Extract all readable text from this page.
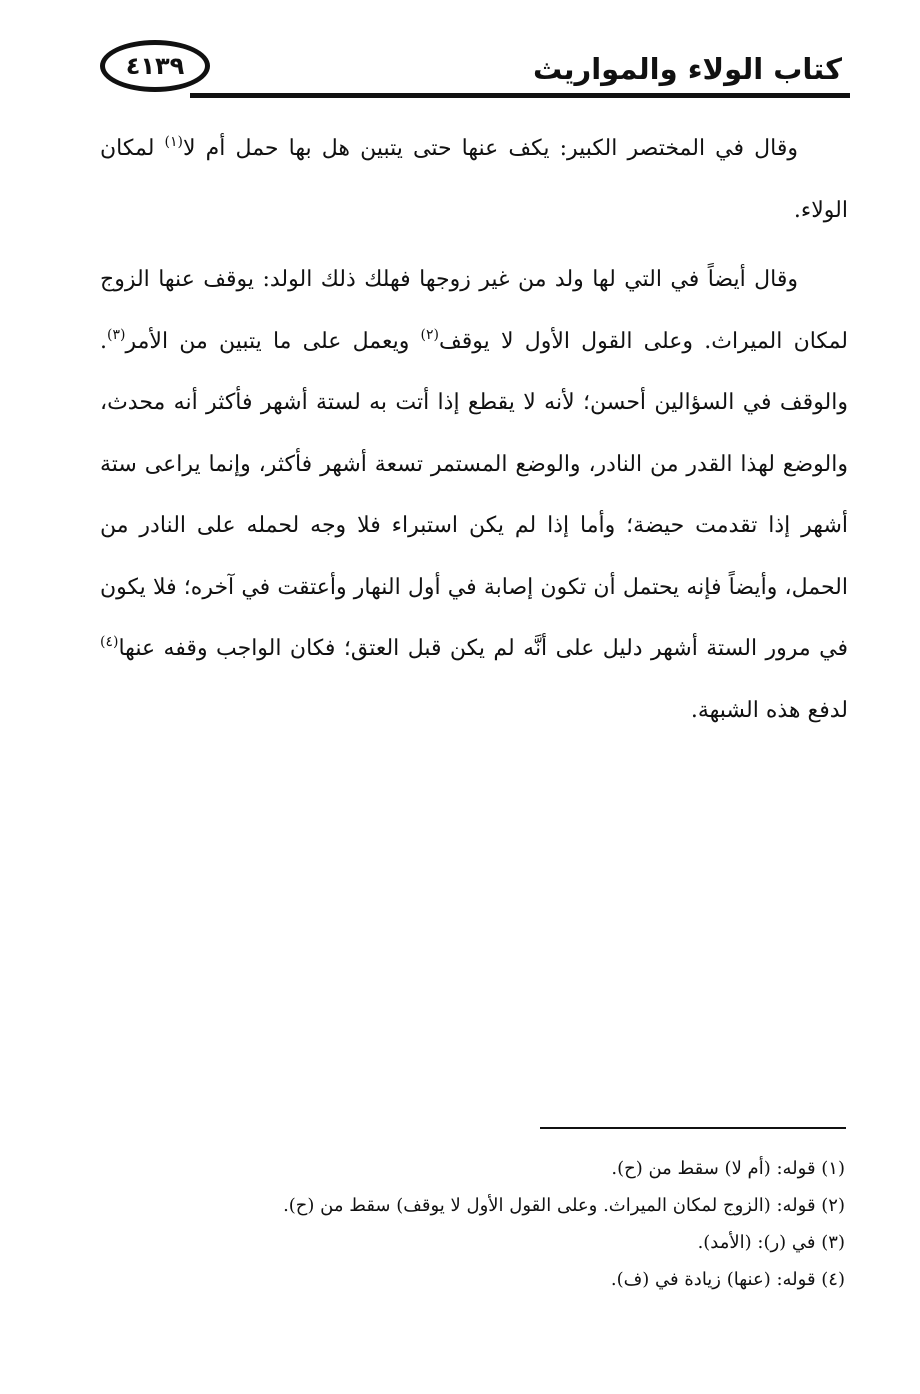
٤١٣٩	كتاب الولاء والمواريث

وقال في المختصر الكبير: يكف عنها حتى يتبين هل بها حمل أم لا$^{(١)}$ لمكان الولاء.

وقال أيضاً في التي لها ولد من غير زوجها فهلك ذلك الولد: يوقف عنها الزوج لمكان الميراث. وعلى القول الأول لا يوقف$^{(٢)}$ ويعمل على ما يتبين من الأمر$^{(٣)}$. والوقف في السؤالين أحسن؛ لأنه لا يقطع إذا أتت به لستة أشهر فأكثر أنه محدث، والوضع لهذا القدر من النادر، والوضع المستمر تسعة أشهر فأكثر، وإنما يراعى ستة أشهر إذا تقدمت حيضة؛ وأما إذا لم يكن استبراء فلا وجه لحمله على النادر من الحمل، وأيضاً فإنه يحتمل أن تكون إصابة في أول النهار وأعتقت في آخره؛ فلا يكون في مرور الستة أشهر دليل على أنَّه لم يكن قبل العتق؛ فكان الواجب وقفه عنها$^{(٤)}$ لدفع هذه الشبهة.

(١) قوله: (أم لا) سقط من (ح).

(٢) قوله: (الزوج لمكان الميراث. وعلى القول الأول لا يوقف) سقط من (ح).

(٣) في (ر): (الأمد).

(٤) قوله: (عنها) زيادة في (ف).
